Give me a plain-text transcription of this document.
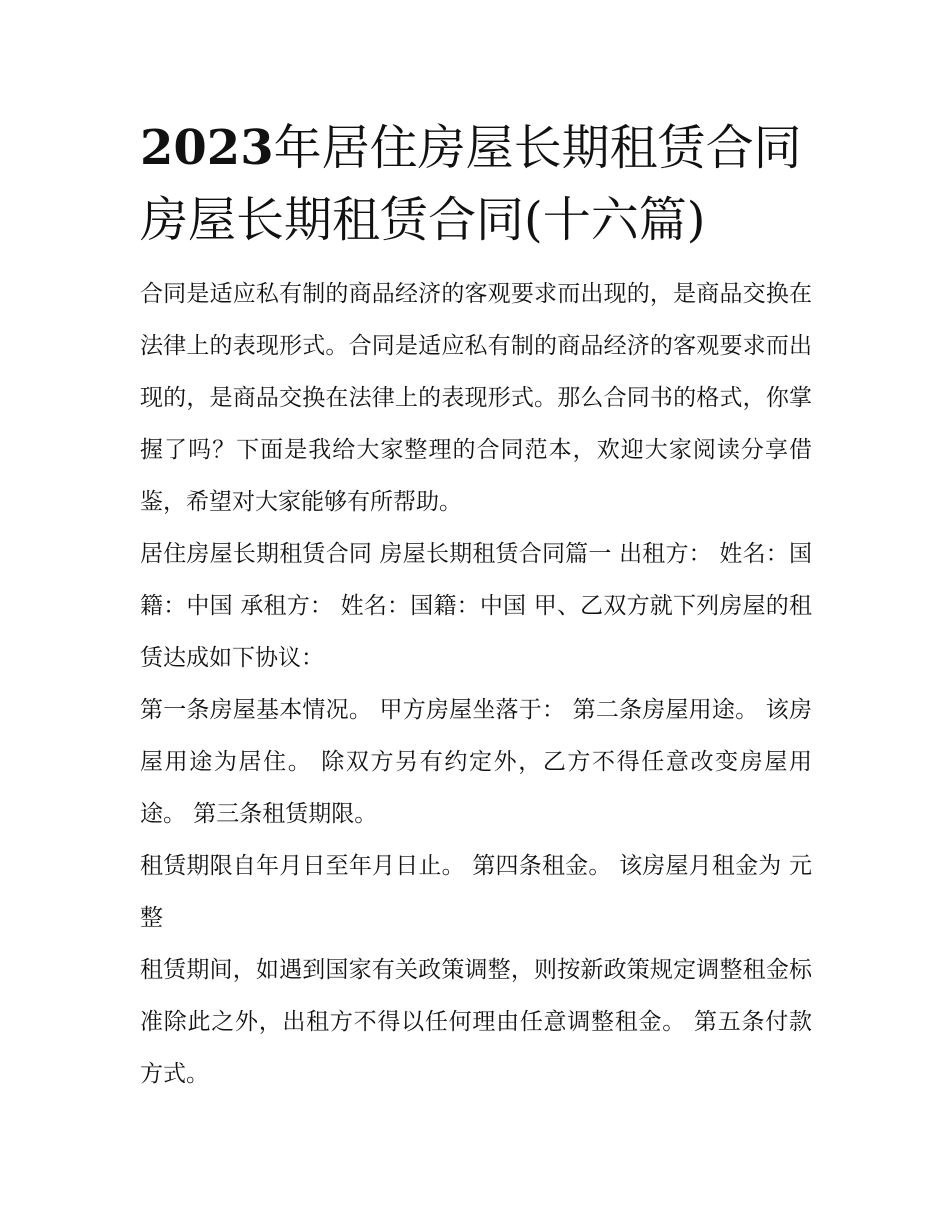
2023年居住房屋长期租赁合同
房屋长期租赁合同(十六篇)

合同是适应私有制的商品经济的客观要求而出现的，是商品交换在法律上的表现形式。合同是适应私有制的商品经济的客观要求而出现的，是商品交换在法律上的表现形式。那么合同书的格式，你掌握了吗？下面是我给大家整理的合同范本，欢迎大家阅读分享借鉴，希望对大家能够有所帮助。

居住房屋长期租赁合同 房屋长期租赁合同篇一 出租方： 姓名：国籍：中国 承租方： 姓名：国籍：中国 甲、乙双方就下列房屋的租赁达成如下协议：

第一条房屋基本情况。 甲方房屋坐落于： 第二条房屋用途。 该房屋用途为居住。 除双方另有约定外，乙方不得任意改变房屋用途。 第三条租赁期限。

租赁期限自年月日至年月日止。 第四条租金。 该房屋月租金为 元整

租赁期间，如遇到国家有关政策调整，则按新政策规定调整租金标准除此之外，出租方不得以任何理由任意调整租金。 第五条付款方式。
